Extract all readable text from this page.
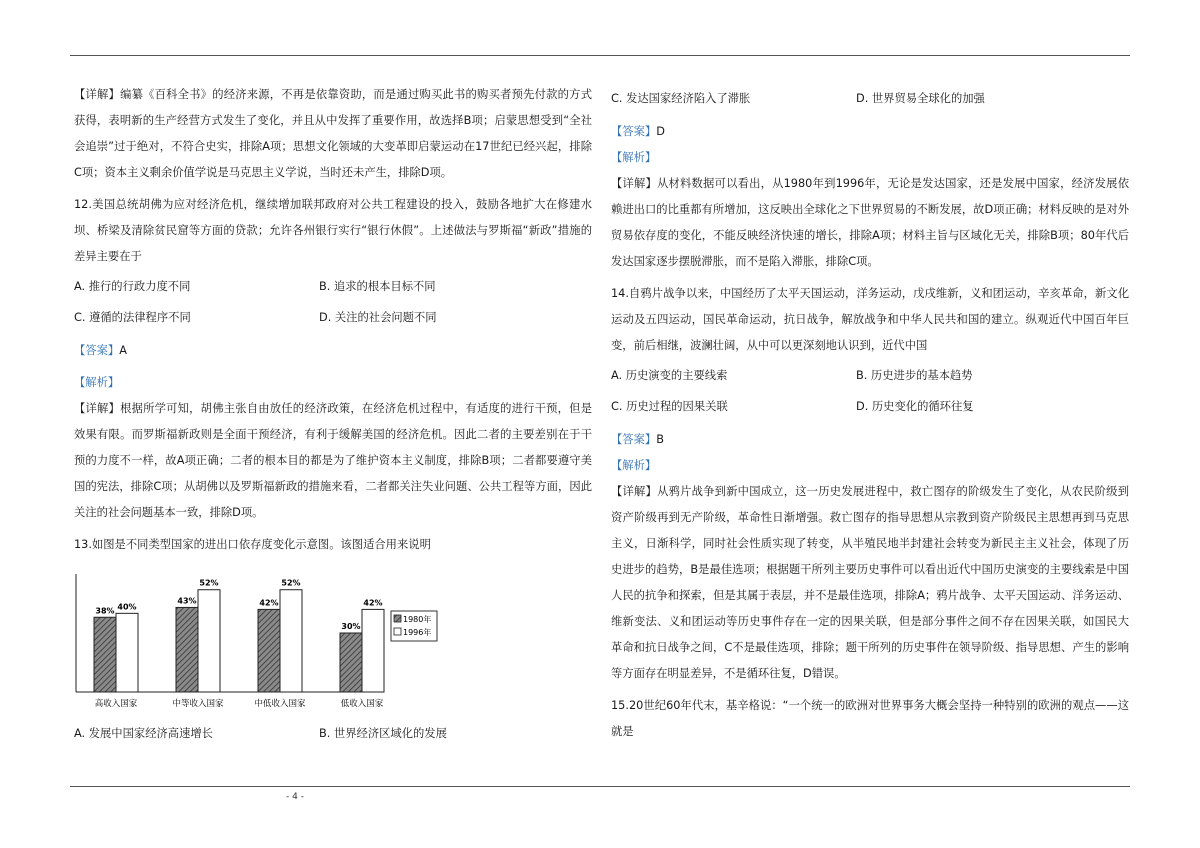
【详解】编纂《百科全书》的经济来源，不再是依靠资助，而是通过购买此书的购买者预先付款的方式获得，表明新的生产经营方式发生了变化，并且从中发挥了重要作用，故选择B项；启蒙思想受到“全社会追崇”过于绝对，不符合史实，排除A项；思想文化领域的大变革即启蒙运动在17世纪已经兴起，排除C项；资本主义剩余价值学说是马克思主义学说，当时还未产生，排除D项。

12.美国总统胡佛为应对经济危机，继续增加联邦政府对公共工程建设的投入，鼓励各地扩大在修建水坝、桥梁及清除贫民窟等方面的贷款；允许各州银行实行“银行休假”。上述做法与罗斯福“新政”措施的差异主要在于

A. 推行的行政力度不同	B. 追求的根本目标不同
C. 遵循的法律程序不同	D. 关注的社会问题不同

【答案】A

【解析】

【详解】根据所学可知，胡佛主张自由放任的经济政策，在经济危机过程中，有适度的进行干预，但是效果有限。而罗斯福新政则是全面干预经济，有利于缓解美国的经济危机。因此二者的主要差别在于干预的力度不一样，故A项正确；二者的根本目的都是为了维护资本主义制度，排除B项；二者都要遵守美国的宪法，排除C项；从胡佛以及罗斯福新政的措施来看，二者都关注失业问题、公共工程等方面，因此关注的社会问题基本一致，排除D项。

13.如图是不同类型国家的进出口依存度变化示意图。该图适合用来说明

38% 40%
高收入国家
43%
52%
中等收入国家
42%
52%
中低收入国家
30%
42%
低收入国家
1980年
1996年
A. 发展中国家经济高速增长	B. 世界经济区域化的发展
C. 发达国家经济陷入了滞胀	D. 世界贸易全球化的加强

【答案】D

【解析】

【详解】从材料数据可以看出，从1980年到1996年，无论是发达国家，还是发展中国家，经济发展依赖进出口的比重都有所增加，这反映出全球化之下世界贸易的不断发展，故D项正确；材料反映的是对外贸易依存度的变化，不能反映经济快速的增长，排除A项；材料主旨与区域化无关，排除B项；80年代后发达国家逐步摆脱滞胀，而不是陷入滞胀，排除C项。

14.自鸦片战争以来，中国经历了太平天国运动，洋务运动，戊戌维新，义和团运动，辛亥革命，新文化运动及五四运动，国民革命运动，抗日战争，解放战争和中华人民共和国的建立。纵观近代中国百年巨变，前后相继，波澜壮阔，从中可以更深刻地认识到，近代中国

A. 历史演变的主要线索	B. 历史进步的基本趋势
C. 历史过程的因果关联	D. 历史变化的循环往复

【答案】B

【解析】

【详解】从鸦片战争到新中国成立，这一历史发展进程中，救亡图存的阶级发生了变化，从农民阶级到资产阶级再到无产阶级，革命性日渐增强。救亡图存的指导思想从宗教到资产阶级民主思想再到马克思主义，日渐科学，同时社会性质实现了转变，从半殖民地半封建社会转变为新民主主义社会，体现了历史进步的趋势，B是最佳选项；根据题干所列主要历史事件可以看出近代中国历史演变的主要线索是中国人民的抗争和探索，但是其属于表层，并不是最佳选项，排除A；鸦片战争、太平天国运动、洋务运动、维新变法、义和团运动等历史事件存在一定的因果关联，但是部分事件之间不存在因果关联，如国民大革命和抗日战争之间，C不是最佳选项，排除；题干所列的历史事件在领导阶级、指导思想、产生的影响等方面存在明显差异，不是循环往复，D错误。

15.20世纪60年代末，基辛格说：“一个统一的欧洲对世界事务大概会坚持一种特别的欧洲的观点——这就是

- 4 -
